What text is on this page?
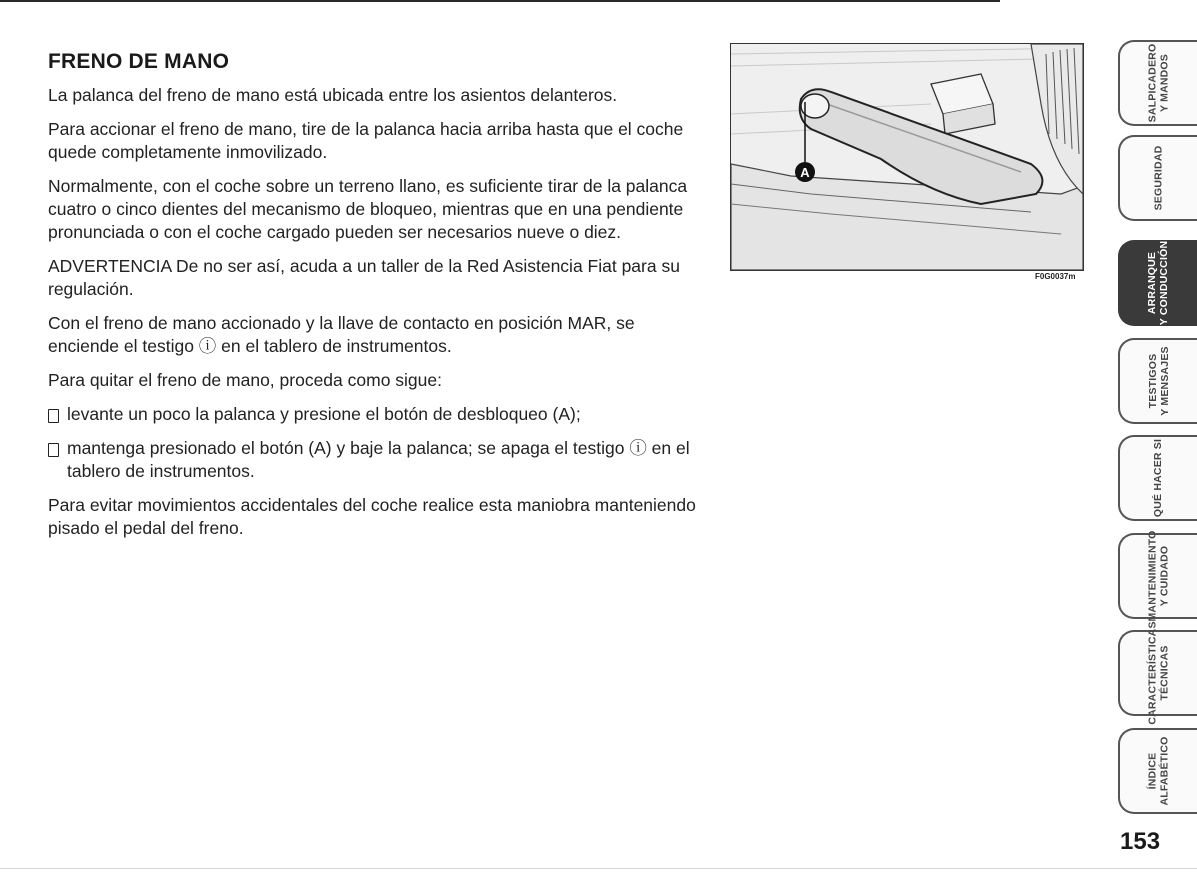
FRENO DE MANO

La palanca del freno de mano está ubicada entre los asientos delanteros.

Para accionar el freno de mano, tire de la palanca hacia arriba hasta que el coche quede completamente inmovilizado.

Normalmente, con el coche sobre un terreno llano, es suficiente tirar de la palanca cuatro o cinco dientes del mecanismo de bloqueo, mientras que en una pendiente pronunciada o con el coche cargado pueden ser necesarios nueve o diez.

ADVERTENCIA De no ser así, acuda a un taller de la Red Asistencia Fiat para su regulación.

Con el freno de mano accionado y la llave de contacto en posición MAR, se enciende el testigo ⓘ en el tablero de instrumentos.

Para quitar el freno de mano, proceda como sigue:

levante un poco la palanca y presione el botón de desbloqueo (A);

mantenga presionado el botón (A) y baje la palanca; se apaga el testigo ⓘ en el tablero de instrumentos.

Para evitar movimientos accidentales del coche realice esta maniobra manteniendo pisado el pedal del freno.

A
F0G0037m
SALPICADERO Y MANDOS
SEGURIDAD
ARRANQUE Y CONDUCCIÓN
TESTIGOS Y MENSAJES
QUÉ HACER SI
MANTENIMIENTO Y CUIDADO
CARACTERÍSTICAS TÉCNICAS
ÍNDICE ALFABÉTICO
153
